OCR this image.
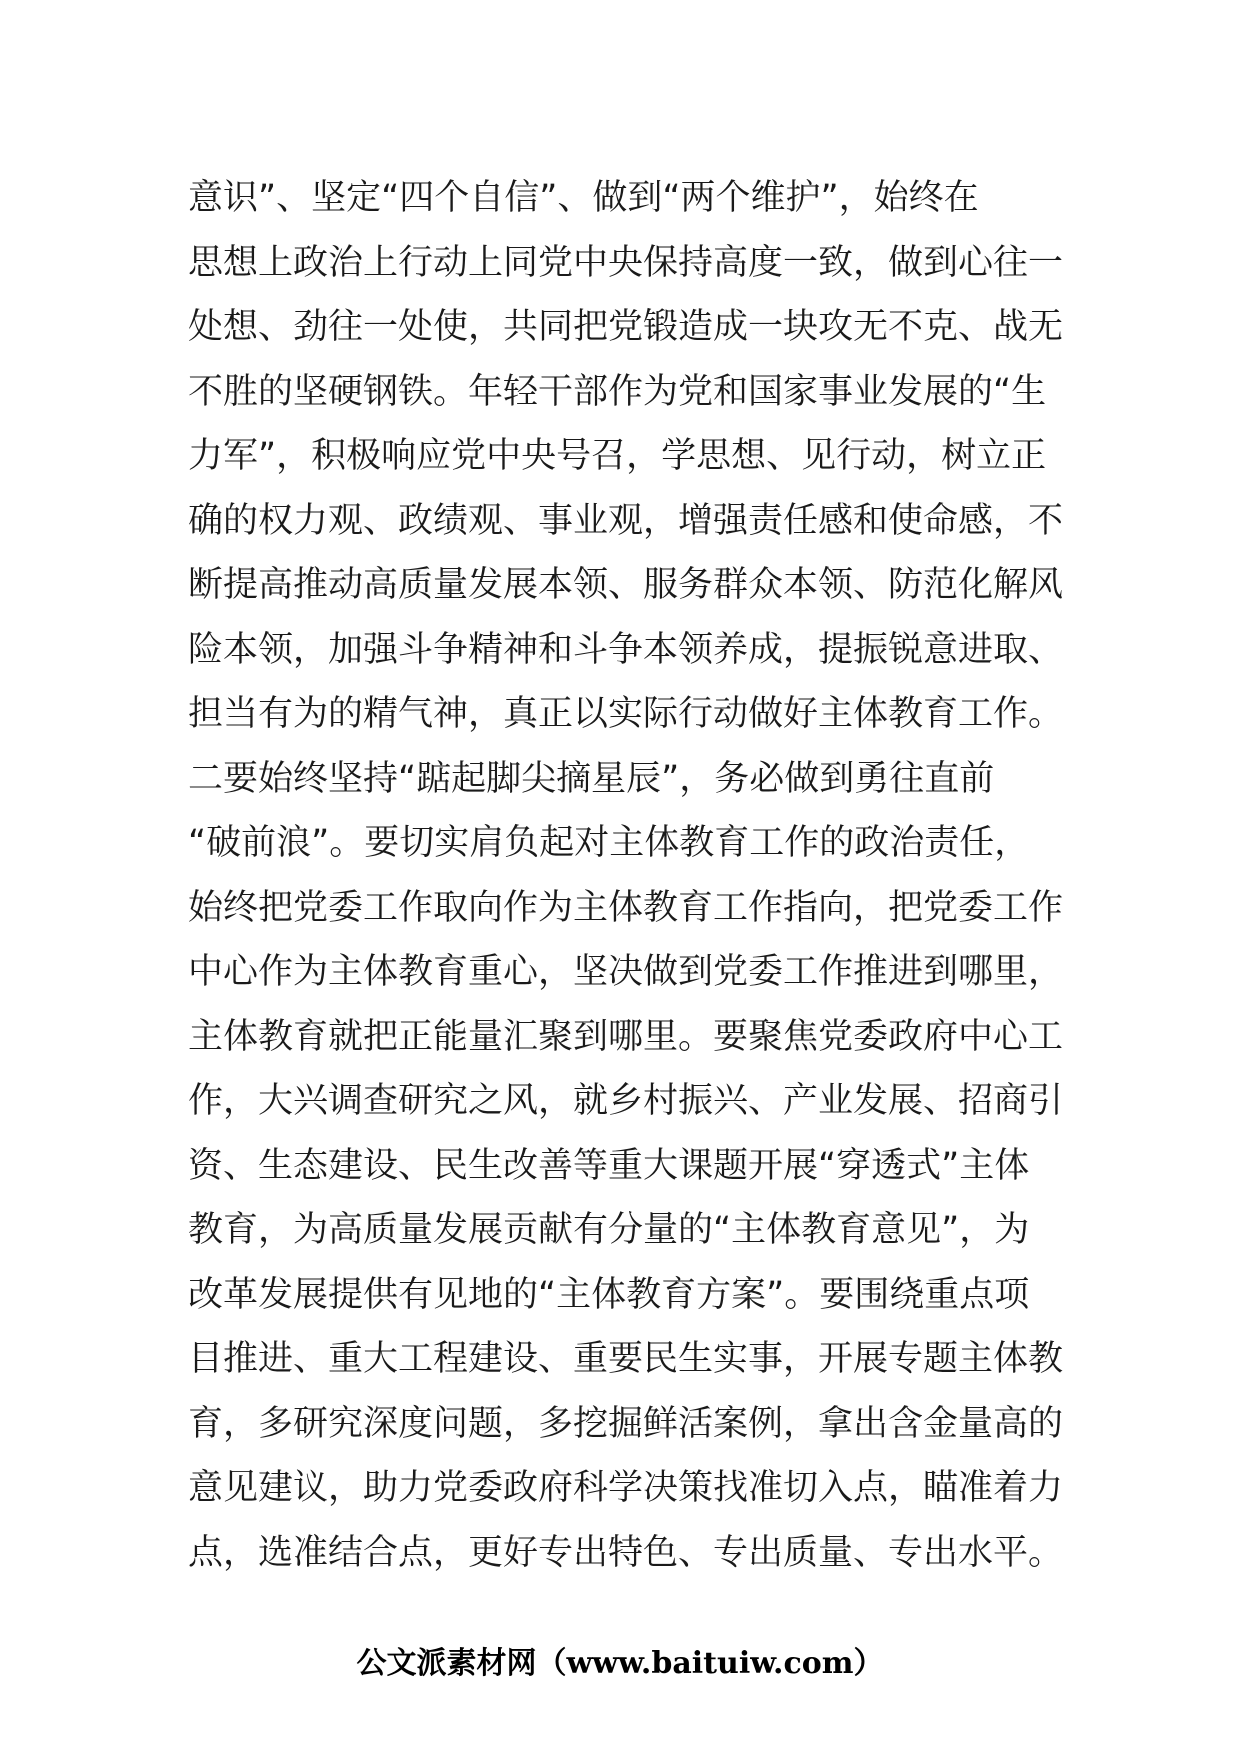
意识”、坚定“四个自信”、做到“两个维护”，始终在
思想上政治上行动上同党中央保持高度一致，做到心往一
处想、劲往一处使，共同把党锻造成一块攻无不克、战无
不胜的坚硬钢铁。年轻干部作为党和国家事业发展的“生
力军”，积极响应党中央号召，学思想、见行动，树立正
确的权力观、政绩观、事业观，增强责任感和使命感，不
断提高推动高质量发展本领、服务群众本领、防范化解风
险本领，加强斗争精神和斗争本领养成，提振锐意进取、
担当有为的精气神，真正以实际行动做好主体教育工作。
二要始终坚持“踮起脚尖摘星辰”，务必做到勇往直前
“破前浪”。要切实肩负起对主体教育工作的政治责任，
始终把党委工作取向作为主体教育工作指向，把党委工作
中心作为主体教育重心，坚决做到党委工作推进到哪里，
主体教育就把正能量汇聚到哪里。要聚焦党委政府中心工
作，大兴调查研究之风，就乡村振兴、产业发展、招商引
资、生态建设、民生改善等重大课题开展“穿透式”主体
教育，为高质量发展贡献有分量的“主体教育意见”，为
改革发展提供有见地的“主体教育方案”。要围绕重点项
目推进、重大工程建设、重要民生实事，开展专题主体教
育，多研究深度问题，多挖掘鲜活案例，拿出含金量高的
意见建议，助力党委政府科学决策找准切入点，瞄准着力
点，选准结合点，更好专出特色、专出质量、专出水平。
公文派素材网（www.baituiw.com）
